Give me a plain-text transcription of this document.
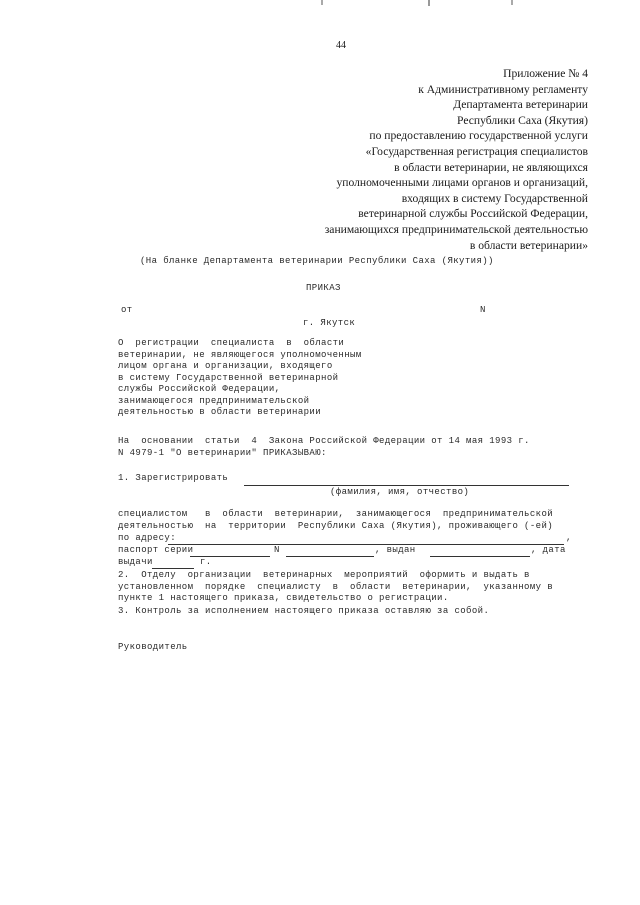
44
Приложение № 4
к Административному регламенту
Департамента ветеринарии
Республики Саха (Якутия)
по предоставлению государственной услуги
«Государственная регистрация специалистов
в области ветеринарии, не являющихся
уполномоченными лицами органов и организаций,
входящих в систему Государственной
ветеринарной службы Российской Федерации,
занимающихся предпринимательской деятельностью
в области ветеринарии»
(На бланке Департамента ветеринарии Республики Саха (Якутия))
ПРИКАЗ
от	N
г. Якутск
О  регистрации  специалиста  в  области
ветеринарии, не являющегося уполномоченным
лицом органа и организации, входящего
в систему Государственной ветеринарной
службы Российской Федерации,
занимающегося предпринимательской
деятельностью в области ветеринарии
На  основании  статьи  4  Закона Российской Федерации от 14 мая 1993 г.
N 4979-1 "О ветеринарии" ПРИКАЗЫВАЮ:
1. Зарегистрировать
(фамилия, имя, отчество)
специалистом   в  области  ветеринарии,  занимающегося  предпринимательской
деятельностью  на  территории  Республики Саха (Якутия), проживающего (-ей)
по адресу:	,
паспорт серии	N	, выдан	, дата
выдачи	г.
2.  Отделу  организации  ветеринарных  мероприятий  оформить и выдать в
установленном  порядке  специалисту  в  области  ветеринарии,  указанному в
пункте 1 настоящего приказа, свидетельство о регистрации.
3. Контроль за исполнением настоящего приказа оставляю за собой.
Руководитель
